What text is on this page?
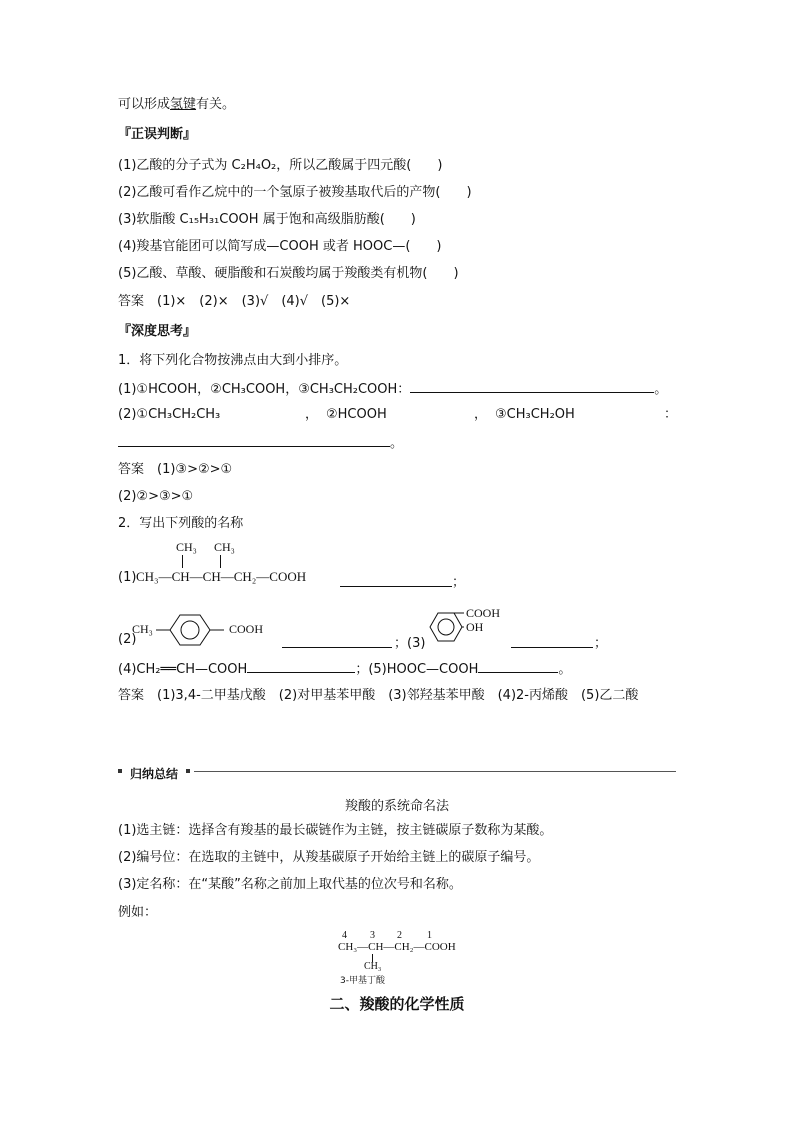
可以形成氢键有关。
『正误判断』
(1)乙酸的分子式为 C₂H₄O₂，所以乙酸属于四元酸(　　)
(2)乙酸可看作乙烷中的一个氢原子被羧基取代后的产物(　　)
(3)软脂酸 C₁₅H₃₁COOH 属于饱和高级脂肪酸(　　)
(4)羧基官能团可以简写成—COOH 或者 HOOC—(　　)
(5)乙酸、草酸、硬脂酸和石炭酸均属于羧酸类有机物(　　)
答案　(1)×　(2)×　(3)√　(4)√　(5)×
『深度思考』
1．将下列化合物按沸点由大到小排序。
(1)①HCOOH，②CH₃COOH，③CH₃CH₂COOH：	。
(2)①CH₃CH₂CH₃	， ②HCOOH	， ③CH₃CH₂OH	：
。
答案　(1)③>②>①
(2)②>③>①
2．写出下列酸的名称
CH₃ CH₃
(1) CH₃—CH—CH—CH₂—COOH	；
(2)
CH₃	COOH
；(3)
COOH
OH
；
(4)CH₂══CH—COOH	；(5)HOOC—COOH	。
答案　(1)3,4-二甲基戊酸　(2)对甲基苯甲酸　(3)邻羟基苯甲酸　(4)2-丙烯酸　(5)乙二酸
归纳总结
羧酸的系统命名法
(1)选主链：选择含有羧基的最长碳链作为主链，按主链碳原子数称为某酸。
(2)编号位：在选取的主链中，从羧基碳原子开始给主链上的碳原子编号。
(3)定名称：在“某酸”名称之前加上取代基的位次号和名称。
例如：
4 3 2	1
CH₃—CH—CH₂—COOH
CH₃
3-甲基丁酸
二、羧酸的化学性质
